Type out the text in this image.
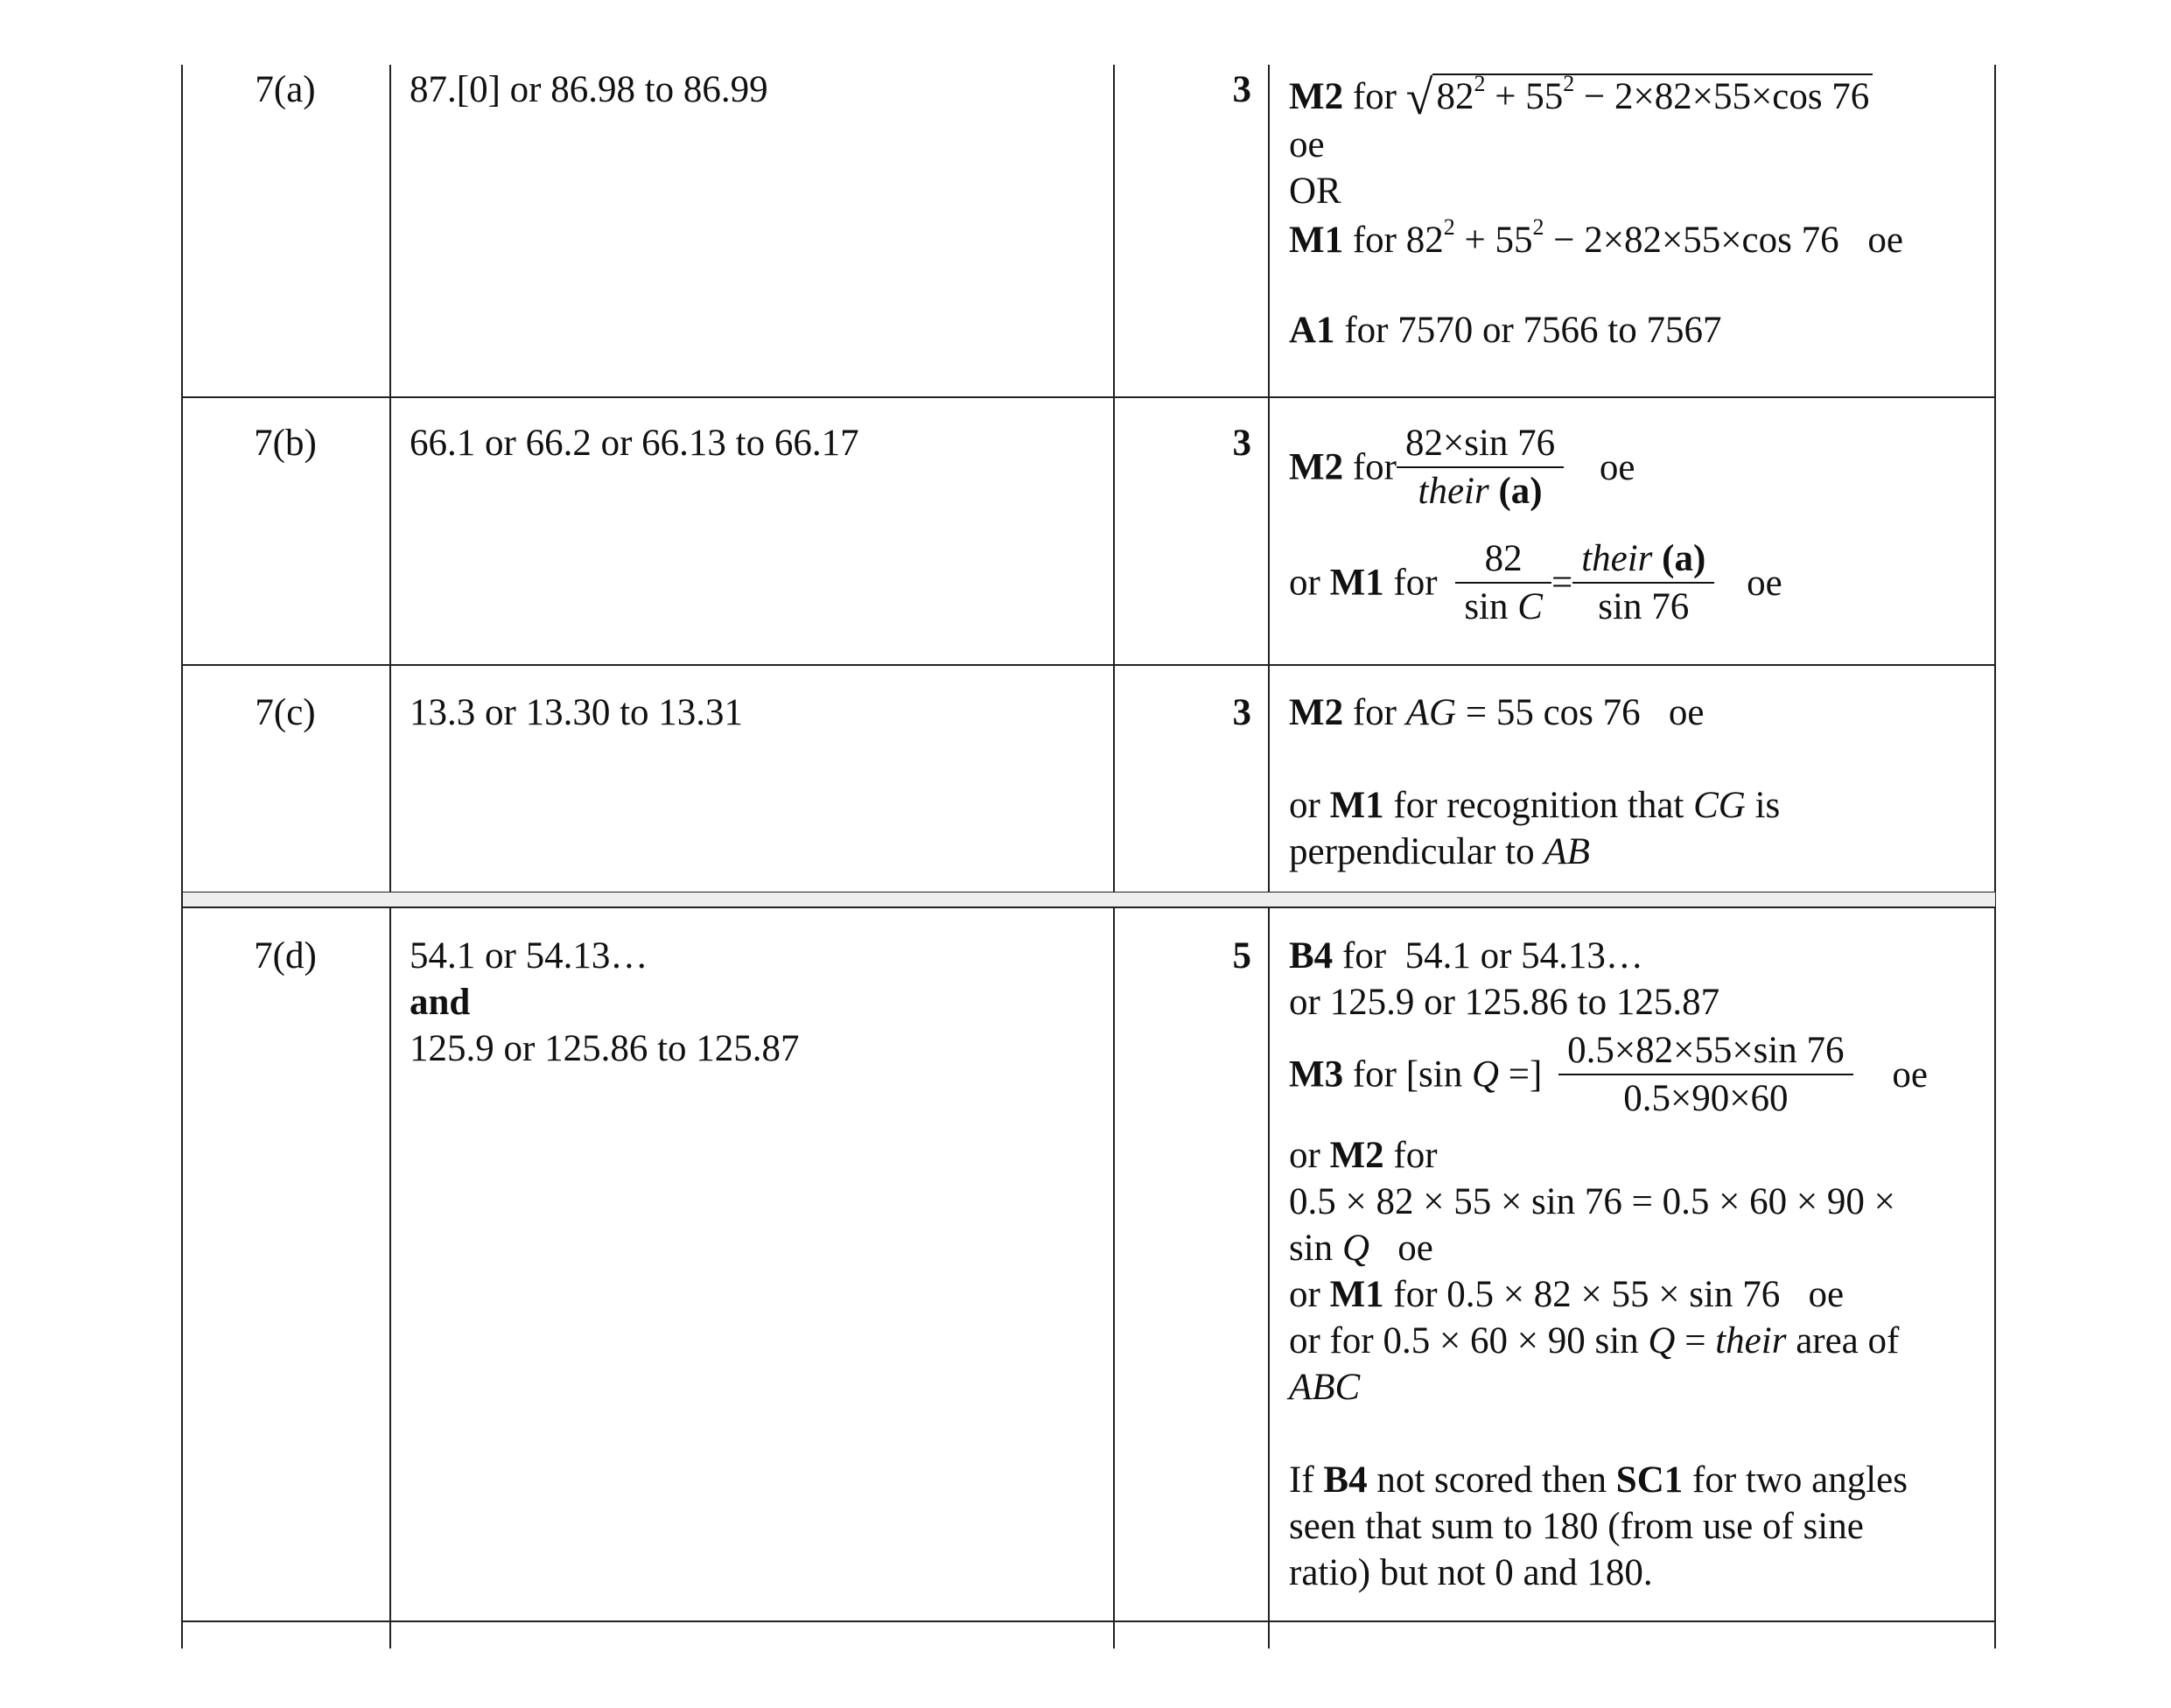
7(a)	87.[0] or 86.98 to 86.99	3 M2 for $√82^2 + 55^2 - 2\times 82\times 55\times\cos$ 76
oe
OR
M1 for $82^2 + 55^2 - 2\times 82\times 55\times\cos$ 76 oe
A1 for 7570 or 7566 to 7567
7(b)	66.1 or 66.2 or 66.13 to 66.17	3
M2 for $\frac{82\times\sin 76}{\text{their (a)}}$ oe
or M1 for $\frac{82}{\text{sin C}} = \frac{\text{their (a)}}{\sin 76}$ oe
7(c)	13.3 or 13.30 to 13.31	3 M2 for AG = 55 cos 76   oe
or M1 for recognition that CG is
perpendicular to AB
7(d)	54.1 or 54.13…
and
125.9 or 125.86 to 125.87
5 B4 for  54.1 or 54.13…
or 125.9 or 125.86 to 125.87
M3 for [sin Q =] $\frac{0.5\times 82\times 55\times\sin 76}{0.5\times 90\times 60}$ oe
or M2 for
0.5 × 82 × 55 × sin 76 = 0.5 × 60 × 90 ×
sin Q   oe
or M1 for 0.5 × 82 × 55 × sin 76   oe
or for 0.5 × 60 × 90 sin Q = their area of
ABC
If B4 not scored then SC1 for two angles
seen that sum to 180 (from use of sine
ratio) but not 0 and 180.
